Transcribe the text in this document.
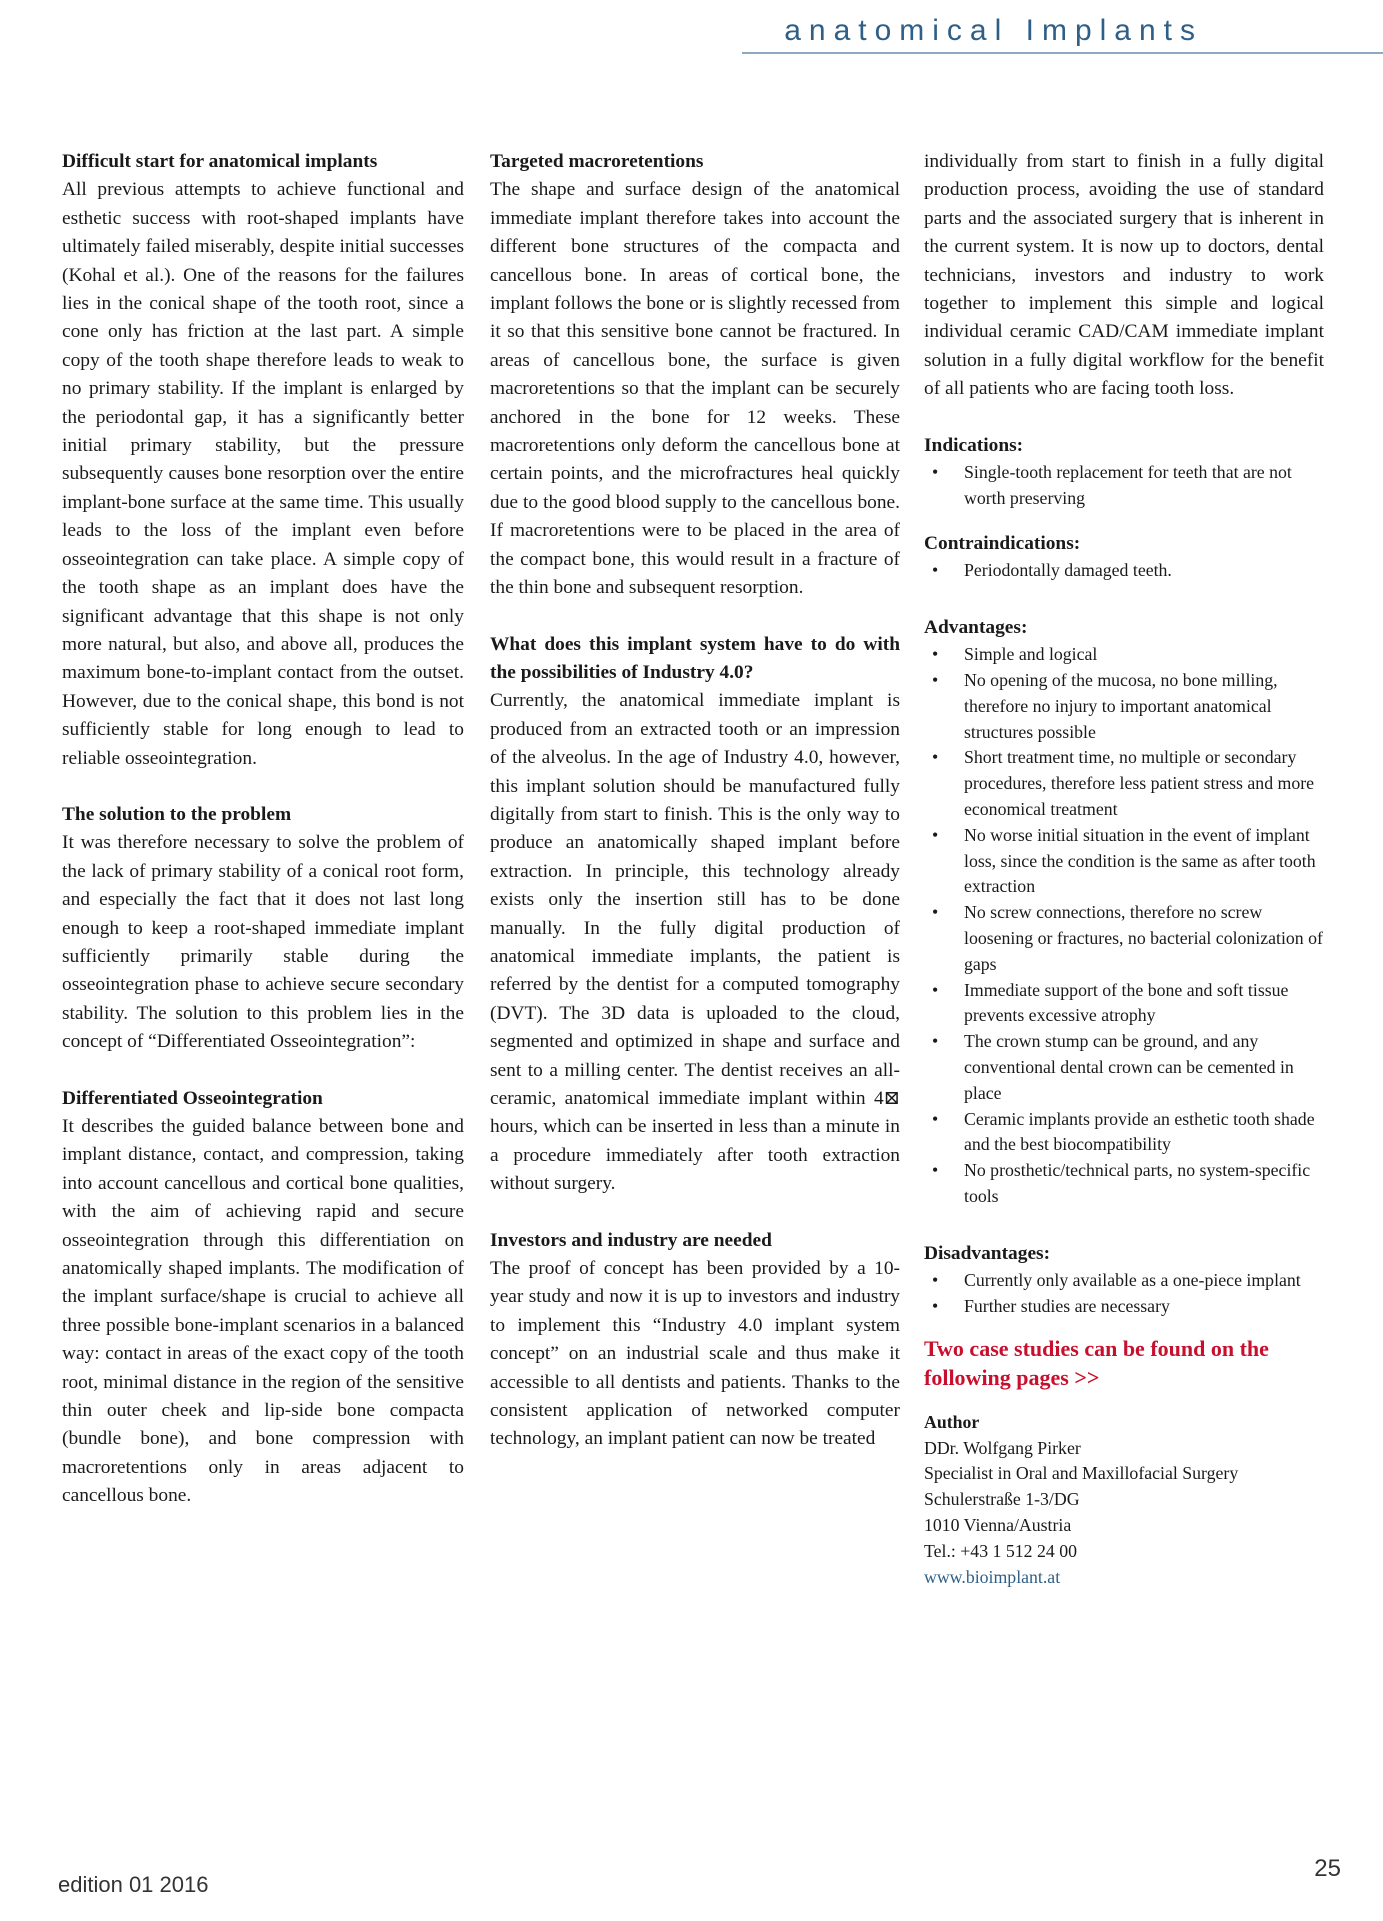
anatomical Implants

Difficult start for anatomical implants

All previous attempts to achieve functional and esthetic success with root-shaped implants have ultimately failed miserably, despite initial successes (Kohal et al.). One of the reasons for the failures lies in the conical shape of the tooth root, since a cone only has friction at the last part. A simple copy of the tooth shape therefore leads to weak to no primary stability. If the implant is enlarged by the periodontal gap, it has a significantly better initial primary stability, but the pressure subsequently causes bone resorption over the entire implant-bone surface at the same time. This usually leads to the loss of the implant even before osseointegration can take place. A simple copy of the tooth shape as an implant does have the significant advantage that this shape is not only more natural, but also, and above all, produces the maximum bone-to-implant contact from the outset. However, due to the conical shape, this bond is not sufficiently stable for long enough to lead to reliable osseointegration.

The solution to the problem

It was therefore necessary to solve the problem of the lack of primary stability of a conical root form, and especially the fact that it does not last long enough to keep a root-shaped immediate implant sufficiently primarily stable during the osseointegration phase to achieve secure secondary stability. The solution to this problem lies in the concept of “Differentiated Osseointegration”:

Differentiated Osseointegration

It describes the guided balance between bone and implant distance, contact, and compression, taking into account cancellous and cortical bone qualities, with the aim of achieving rapid and secure osseointegration through this differentiation on anatomically shaped implants. The modification of the implant surface/shape is crucial to achieve all three possible bone-implant scenarios in a balanced way: contact in areas of the exact copy of the tooth root, minimal distance in the region of the sensitive thin outer cheek and lip-side bone compacta (bundle bone), and bone compression with macroretentions only in areas adjacent to cancellous bone.

Targeted macroretentions

The shape and surface design of the anatomical immediate implant therefore takes into account the different bone structures of the compacta and cancellous bone. In areas of cortical bone, the implant follows the bone or is slightly recessed from it so that this sensitive bone cannot be fractured. In areas of cancellous bone, the surface is given macroretentions so that the implant can be securely anchored in the bone for 12 weeks. These macroretentions only deform the cancellous bone at certain points, and the microfractures heal quickly due to the good blood supply to the cancellous bone. If macroretentions were to be placed in the area of the compact bone, this would result in a fracture of the thin bone and subsequent resorption.

What does this implant system have to do with the possibilities of Industry 4.0?

Currently, the anatomical immediate implant is produced from an extracted tooth or an impression of the alveolus. In the age of Industry 4.0, however, this implant solution should be manufactured fully digitally from start to finish. This is the only way to produce an anatomically shaped implant before extraction. In principle, this technology already exists only the insertion still has to be done manually. In the fully digital production of anatomical immediate implants, the patient is referred by the dentist for a computed tomography (DVT). The 3D data is uploaded to the cloud, segmented and optimized in shape and surface and sent to a milling center. The dentist receives an all-ceramic, anatomical immediate implant within 4⊠ hours, which can be inserted in less than a minute in a procedure immediately after tooth extraction without surgery.

Investors and industry are needed

The proof of concept has been provided by a 10-year study and now it is up to investors and industry to implement this “Industry 4.0 implant system concept” on an industrial scale and thus make it accessible to all dentists and patients. Thanks to the consistent application of networked computer technology, an implant patient can now be treated

individually from start to finish in a fully digital production process, avoiding the use of standard parts and the associated surgery that is inherent in the current system. It is now up to doctors, dental technicians, investors and industry to work together to implement this simple and logical individual ceramic CAD/CAM immediate implant solution in a fully digital workflow for the benefit of all patients who are facing tooth loss.

Indications:

• Single-tooth replacement for teeth that are not worth preserving

Contraindications:

• Periodontally damaged teeth.

Advantages:

• Simple and logical
• No opening of the mucosa, no bone milling, therefore no injury to important anatomical structures possible
• Short treatment time, no multiple or secondary procedures, therefore less patient stress and more economical treatment
• No worse initial situation in the event of implant loss, since the condition is the same as after tooth extraction
• No screw connections, therefore no screw loosening or fractures, no bacterial colonization of gaps
• Immediate support of the bone and soft tissue prevents excessive atrophy
• The crown stump can be ground, and any conventional dental crown can be cemented in place
• Ceramic implants provide an esthetic tooth shade and the best biocompatibility
• No prosthetic/technical parts, no system-specific tools

Disadvantages:

• Currently only available as a one-piece implant
• Further studies are necessary

Two case studies can be found on the following pages >>

Author
DDr. Wolfgang Pirker
Specialist in Oral and Maxillofacial Surgery
Schulerstraße 1-3/DG
1010 Vienna/Austria
Tel.: +43 1 512 24 00
www.bioimplant.at
edition 01 2016
25
